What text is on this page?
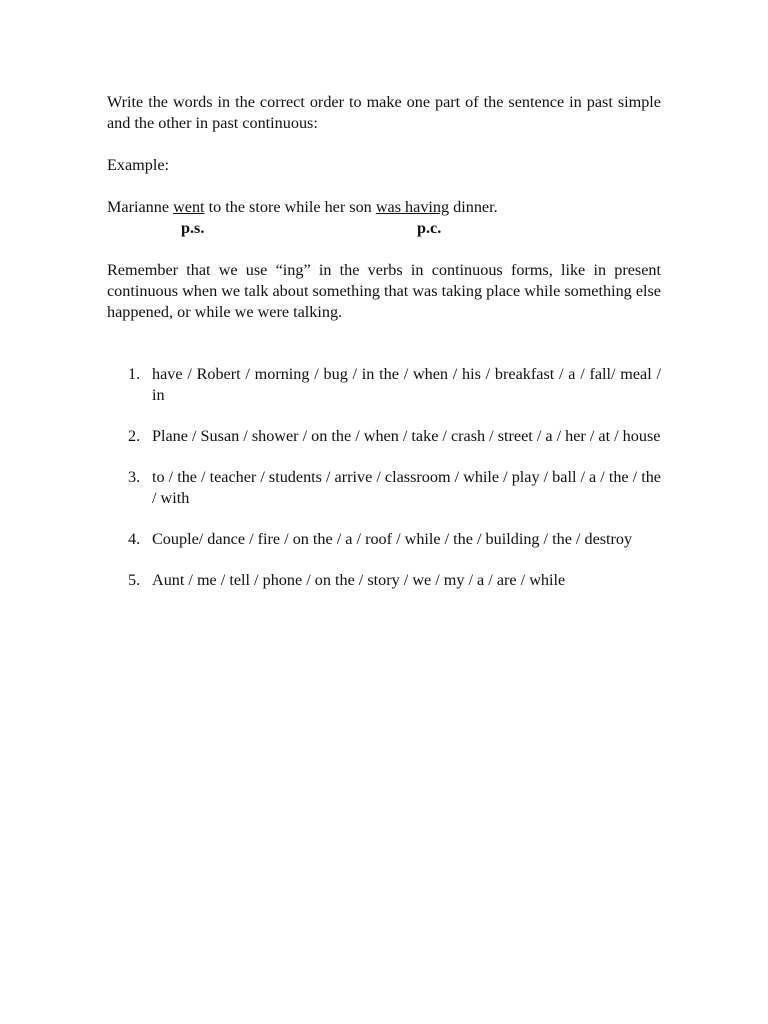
Write the words in the correct order to make one part of the sentence in past simple and the other in past continuous:

Example:

Marianne went to the store while her son was having dinner.

p.s.	p.c.

Remember that we use “ing” in the verbs in continuous forms, like in present continuous when we talk about something that was taking place while something else happened, or while we were talking.

1. have / Robert / morning / bug / in the / when / his / breakfast / a / fall/ meal / in
2. Plane / Susan / shower / on the / when / take / crash / street / a / her / at / house
3. to / the / teacher / students / arrive / classroom / while / play / ball / a / the / the / with
4. Couple/ dance / fire / on the / a / roof / while / the / building / the / destroy
5. Aunt / me / tell / phone / on the / story / we / my / a / are / while
